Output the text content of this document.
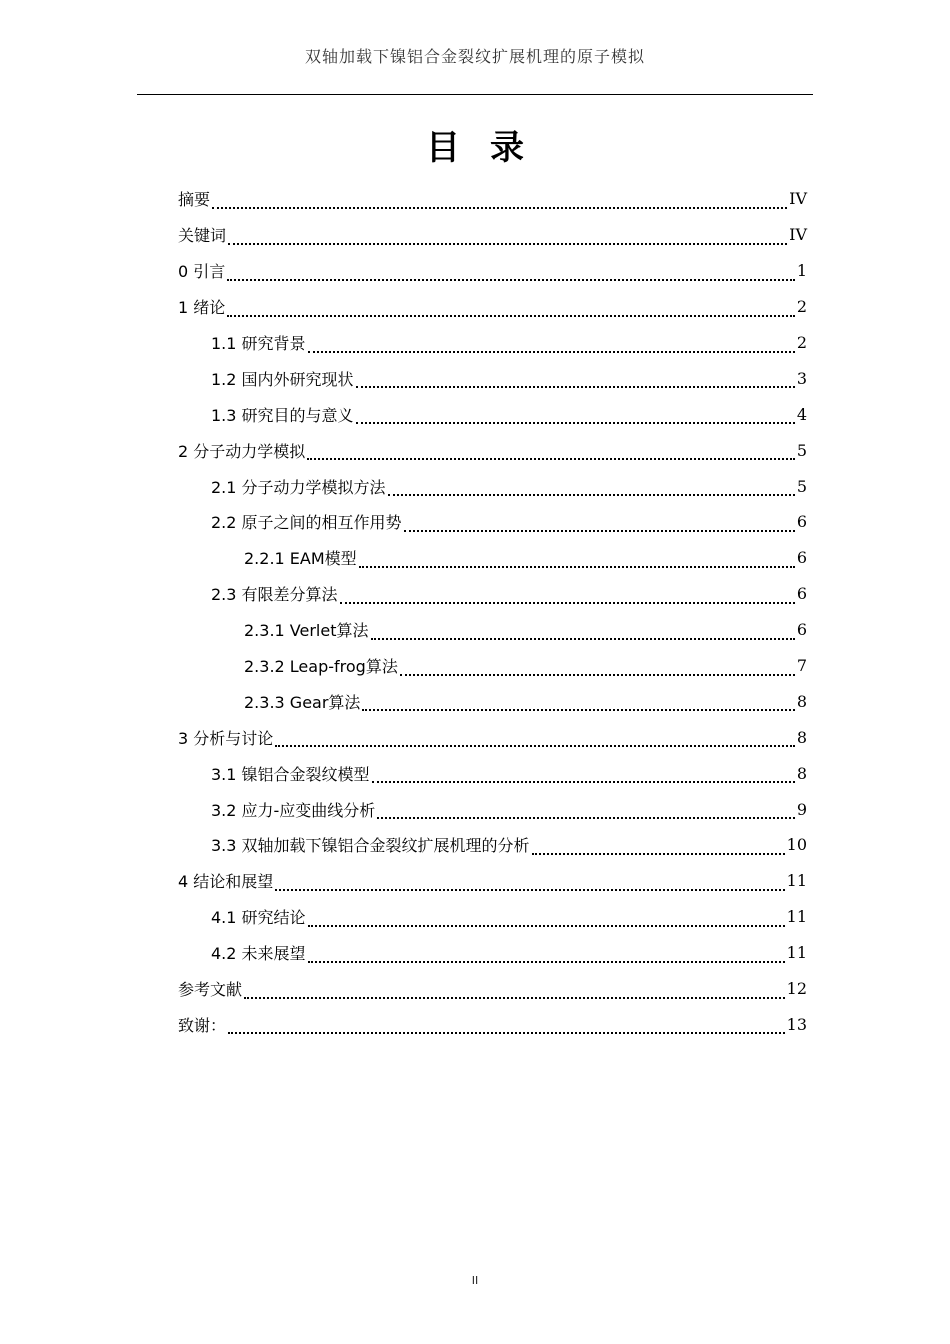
双轴加载下镍铝合金裂纹扩展机理的原子模拟
目录
摘要	IV
关键词	IV
0 引言	1
1 绪论	2
1.1 研究背景	2
1.2 国内外研究现状	3
1.3 研究目的与意义	4
2 分子动力学模拟	5
2.1 分子动力学模拟方法	5
2.2 原子之间的相互作用势	6
2.2.1 EAM模型	6
2.3 有限差分算法	6
2.3.1 Verlet算法	6
2.3.2 Leap-frog算法	7
2.3.3 Gear算法	8
3 分析与讨论	8
3.1 镍铝合金裂纹模型	8
3.2 应力-应变曲线分析	9
3.3 双轴加载下镍铝合金裂纹扩展机理的分析	10
4 结论和展望	11
4.1 研究结论	11
4.2 未来展望	11
参考文献	12
致谢：	13
II
